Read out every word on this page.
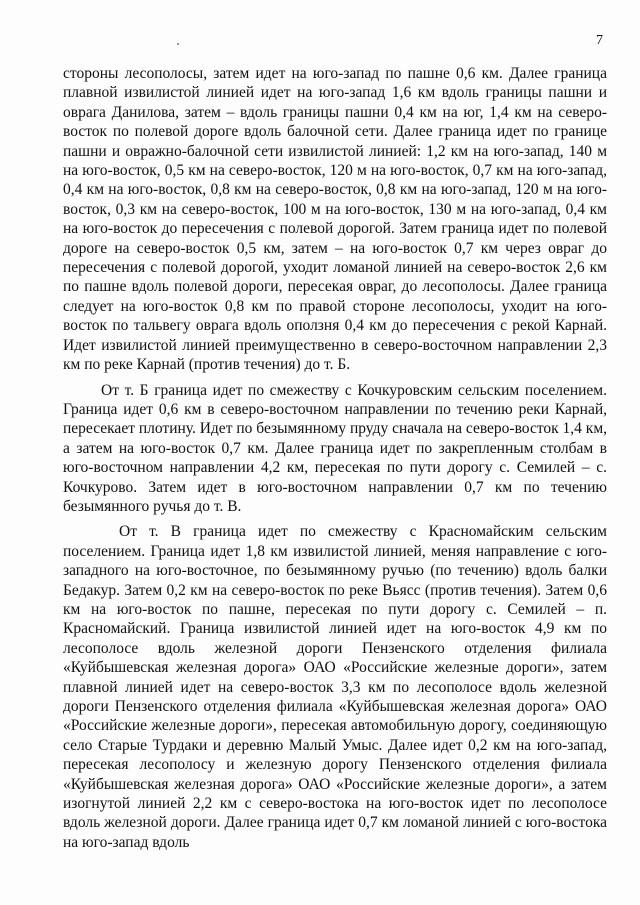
7

стороны лесополосы, затем идет на юго-запад по пашне 0,6 км. Далее граница плавной извилистой линией идет на юго-запад 1,6 км вдоль границы пашни и оврага Данилова, затем – вдоль границы пашни 0,4 км на юг, 1,4 км на северо-восток по полевой дороге вдоль балочной сети. Далее граница идет по границе пашни и овражно-балочной сети извилистой линией: 1,2 км на юго-запад, 140 м на юго-восток, 0,5 км на северо-восток, 120 м на юго-восток, 0,7 км на юго-запад, 0,4 км на юго-восток, 0,8 км на северо-восток, 0,8 км на юго-запад, 120 м на юго-восток, 0,3 км на северо-восток, 100 м на юго-восток, 130 м на юго-запад, 0,4 км на юго-восток до пересечения с полевой дорогой. Затем граница идет по полевой дороге на северо-восток 0,5 км, затем – на юго-восток 0,7 км через овраг до пересечения с полевой дорогой, уходит ломаной линией на северо-восток 2,6 км по пашне вдоль полевой дороги, пересекая овраг, до лесополосы. Далее граница следует на юго-восток 0,8 км по правой стороне лесополосы, уходит на юго-восток по тальвегу оврага вдоль оползня 0,4 км до пересечения с рекой Карнай. Идет извилистой линией преимущественно в северо-восточном направлении 2,3 км по реке Карнай (против течения) до т. Б.

От т. Б граница идет по смежеству с Кочкуровским сельским поселением. Граница идет 0,6 км в северо-восточном направлении по течению реки Карнай, пересекает плотину. Идет по безымянному пруду сначала на северо-восток 1,4 км, а затем на юго-восток 0,7 км. Далее граница идет по закрепленным столбам в юго-восточном направлении 4,2 км, пересекая по пути дорогу с. Семилей – с. Кочкурово. Затем идет в юго-восточном направлении 0,7 км по течению безымянного ручья до т. В.

От т. В граница идет по смежеству с Красномайским сельским поселением. Граница идет 1,8 км извилистой линией, меняя направление с юго-западного на юго-восточное, по безымянному ручью (по течению) вдоль балки Бедакур. Затем 0,2 км на северо-восток по реке Вьясс (против течения). Затем 0,6 км на юго-восток по пашне, пересекая по пути дорогу с. Семилей – п. Красномайский. Граница извилистой линией идет на юго-восток 4,9 км по лесополосе вдоль железной дороги Пензенского отделения филиала «Куйбышевская железная дорога» ОАО «Российские железные дороги», затем плавной линией идет на северо-восток 3,3 км по лесополосе вдоль железной дороги Пензенского отделения филиала «Куйбышевская железная дорога» ОАО «Российские железные дороги», пересекая автомобильную дорогу, соединяющую село Старые Турдаки и деревню Малый Умыс. Далее идет 0,2 км на юго-запад, пересекая лесополосу и железную дорогу Пензенского отделения филиала «Куйбышевская железная дорога» ОАО «Российские железные дороги», а затем изогнутой линией 2,2 км с северо-востока на юго-восток идет по лесополосе вдоль железной дороги. Далее граница идет 0,7 км ломаной линией с юго-востока на юго-запад вдоль
